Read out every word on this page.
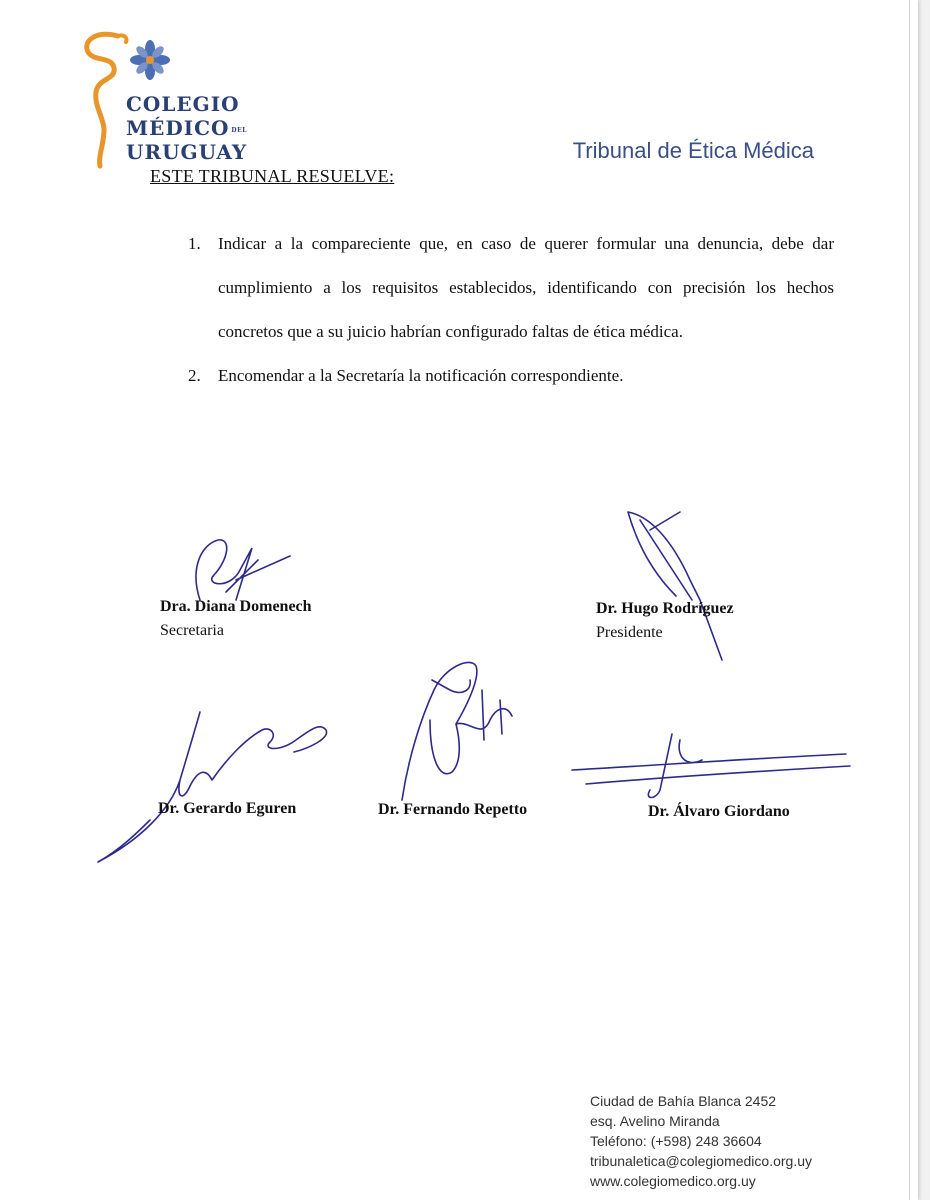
COLEGIO
MÉDICO DEL
URUGUAY	Tribunal de Ética Médica
ESTE TRIBUNAL RESUELVE:
1. Indicar a la compareciente que, en caso de querer formular una denuncia, debe dar cumplimiento a los requisitos establecidos, identificando con precisión los hechos concretos que a su juicio habrían configurado faltas de ética médica.
2. Encomendar a la Secretaría la notificación correspondiente.
Dra. Diana Domenech
Secretaria
Dr. Hugo Rodríguez
Presidente
Dr. Gerardo Eguren	Dr. Fernando Repetto	Dr. Álvaro Giordano
Ciudad de Bahía Blanca 2452
esq. Avelino Miranda
Teléfono: (+598) 248 36604
tribunaletica@colegiomedico.org.uy
www.colegiomedico.org.uy
